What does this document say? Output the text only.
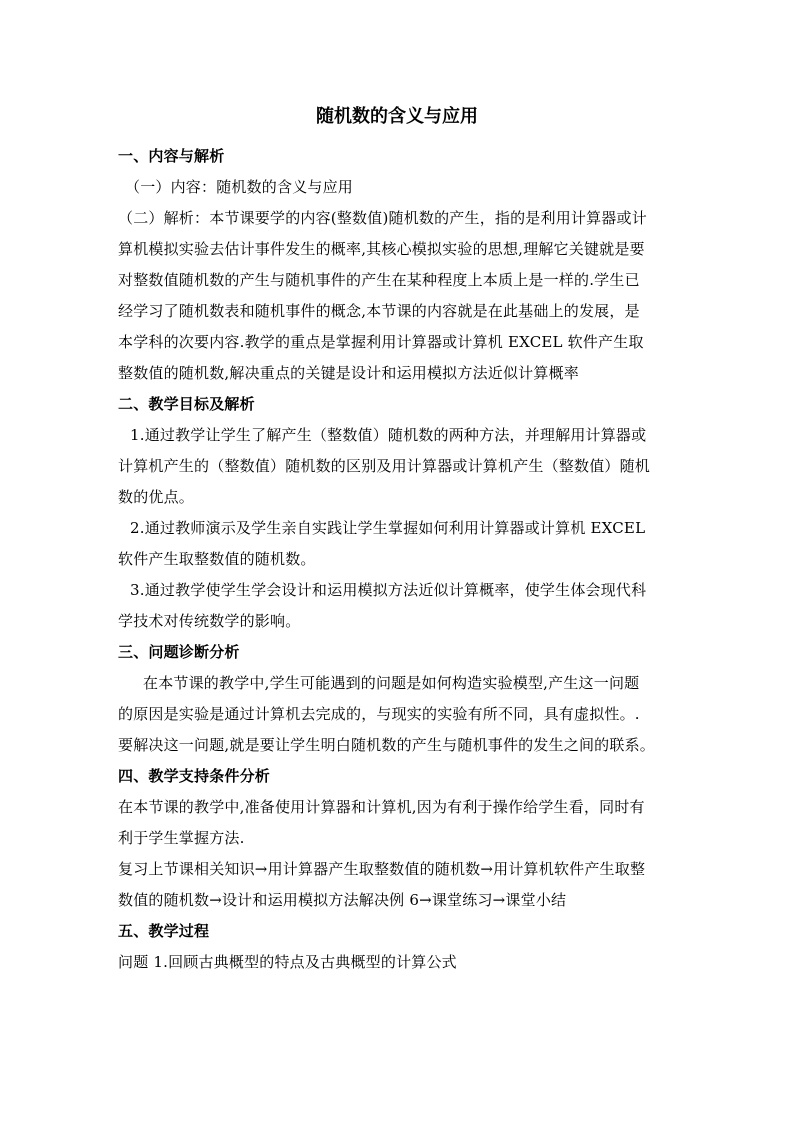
随机数的含义与应用
一、内容与解析
（一）内容：随机数的含义与应用
（二）解析：本节课要学的内容(整数值)随机数的产生，指的是利用计算器或计
算机模拟实验去估计事件发生的概率,其核心模拟实验的思想,理解它关键就是要
对整数值随机数的产生与随机事件的产生在某种程度上本质上是一样的.学生已
经学习了随机数表和随机事件的概念,本节课的内容就是在此基础上的发展，是
本学科的次要内容.教学的重点是掌握利用计算器或计算机 EXCEL 软件产生取
整数值的随机数,解决重点的关键是设计和运用模拟方法近似计算概率
二、教学目标及解析
1.通过教学让学生了解产生（整数值）随机数的两种方法，并理解用计算器或
计算机产生的（整数值）随机数的区别及用计算器或计算机产生（整数值）随机
数的优点。
2.通过教师演示及学生亲自实践让学生掌握如何利用计算器或计算机 EXCEL
软件产生取整数值的随机数。
3.通过教学使学生学会设计和运用模拟方法近似计算概率，使学生体会现代科
学技术对传统数学的影响。
三、问题诊断分析
在本节课的教学中,学生可能遇到的问题是如何构造实验模型,产生这一问题
的原因是实验是通过计算机去完成的，与现实的实验有所不同，具有虚拟性。.
要解决这一问题,就是要让学生明白随机数的产生与随机事件的发生之间的联系。
四、教学支持条件分析
在本节课的教学中,准备使用计算器和计算机,因为有利于操作给学生看，同时有
利于学生掌握方法.
复习上节课相关知识→用计算器产生取整数值的随机数→用计算机软件产生取整
数值的随机数→设计和运用模拟方法解决例 6→课堂练习→课堂小结
五、教学过程
问题 1.回顾古典概型的特点及古典概型的计算公式
